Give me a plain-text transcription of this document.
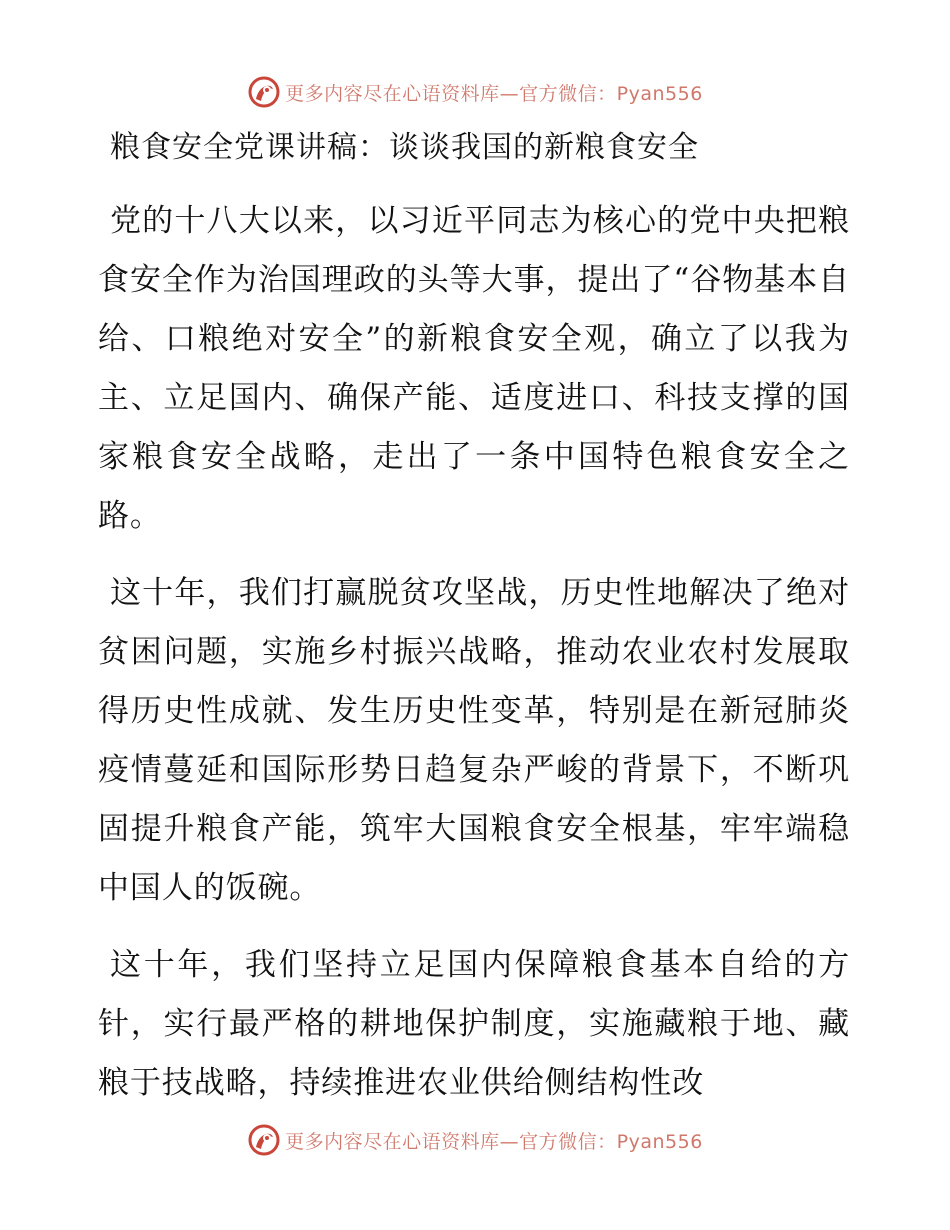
更多内容尽在心语资料库—官方微信：Pyan556
粮食安全党课讲稿：谈谈我国的新粮食安全

党的十八大以来，以习近平同志为核心的党中央把粮食安全作为治国理政的头等大事，提出了“谷物基本自给、口粮绝对安全”的新粮食安全观，确立了以我为主、立足国内、确保产能、适度进口、科技支撑的国家粮食安全战略，走出了一条中国特色粮食安全之路。

这十年，我们打赢脱贫攻坚战，历史性地解决了绝对贫困问题，实施乡村振兴战略，推动农业农村发展取得历史性成就、发生历史性变革，特别是在新冠肺炎疫情蔓延和国际形势日趋复杂严峻的背景下，不断巩固提升粮食产能，筑牢大国粮食安全根基，牢牢端稳中国人的饭碗。

这十年，我们坚持立足国内保障粮食基本自给的方针，实行最严格的耕地保护制度，实施藏粮于地、藏粮于技战略，持续推进农业供给侧结构性改

更多内容尽在心语资料库—官方微信：Pyan556
